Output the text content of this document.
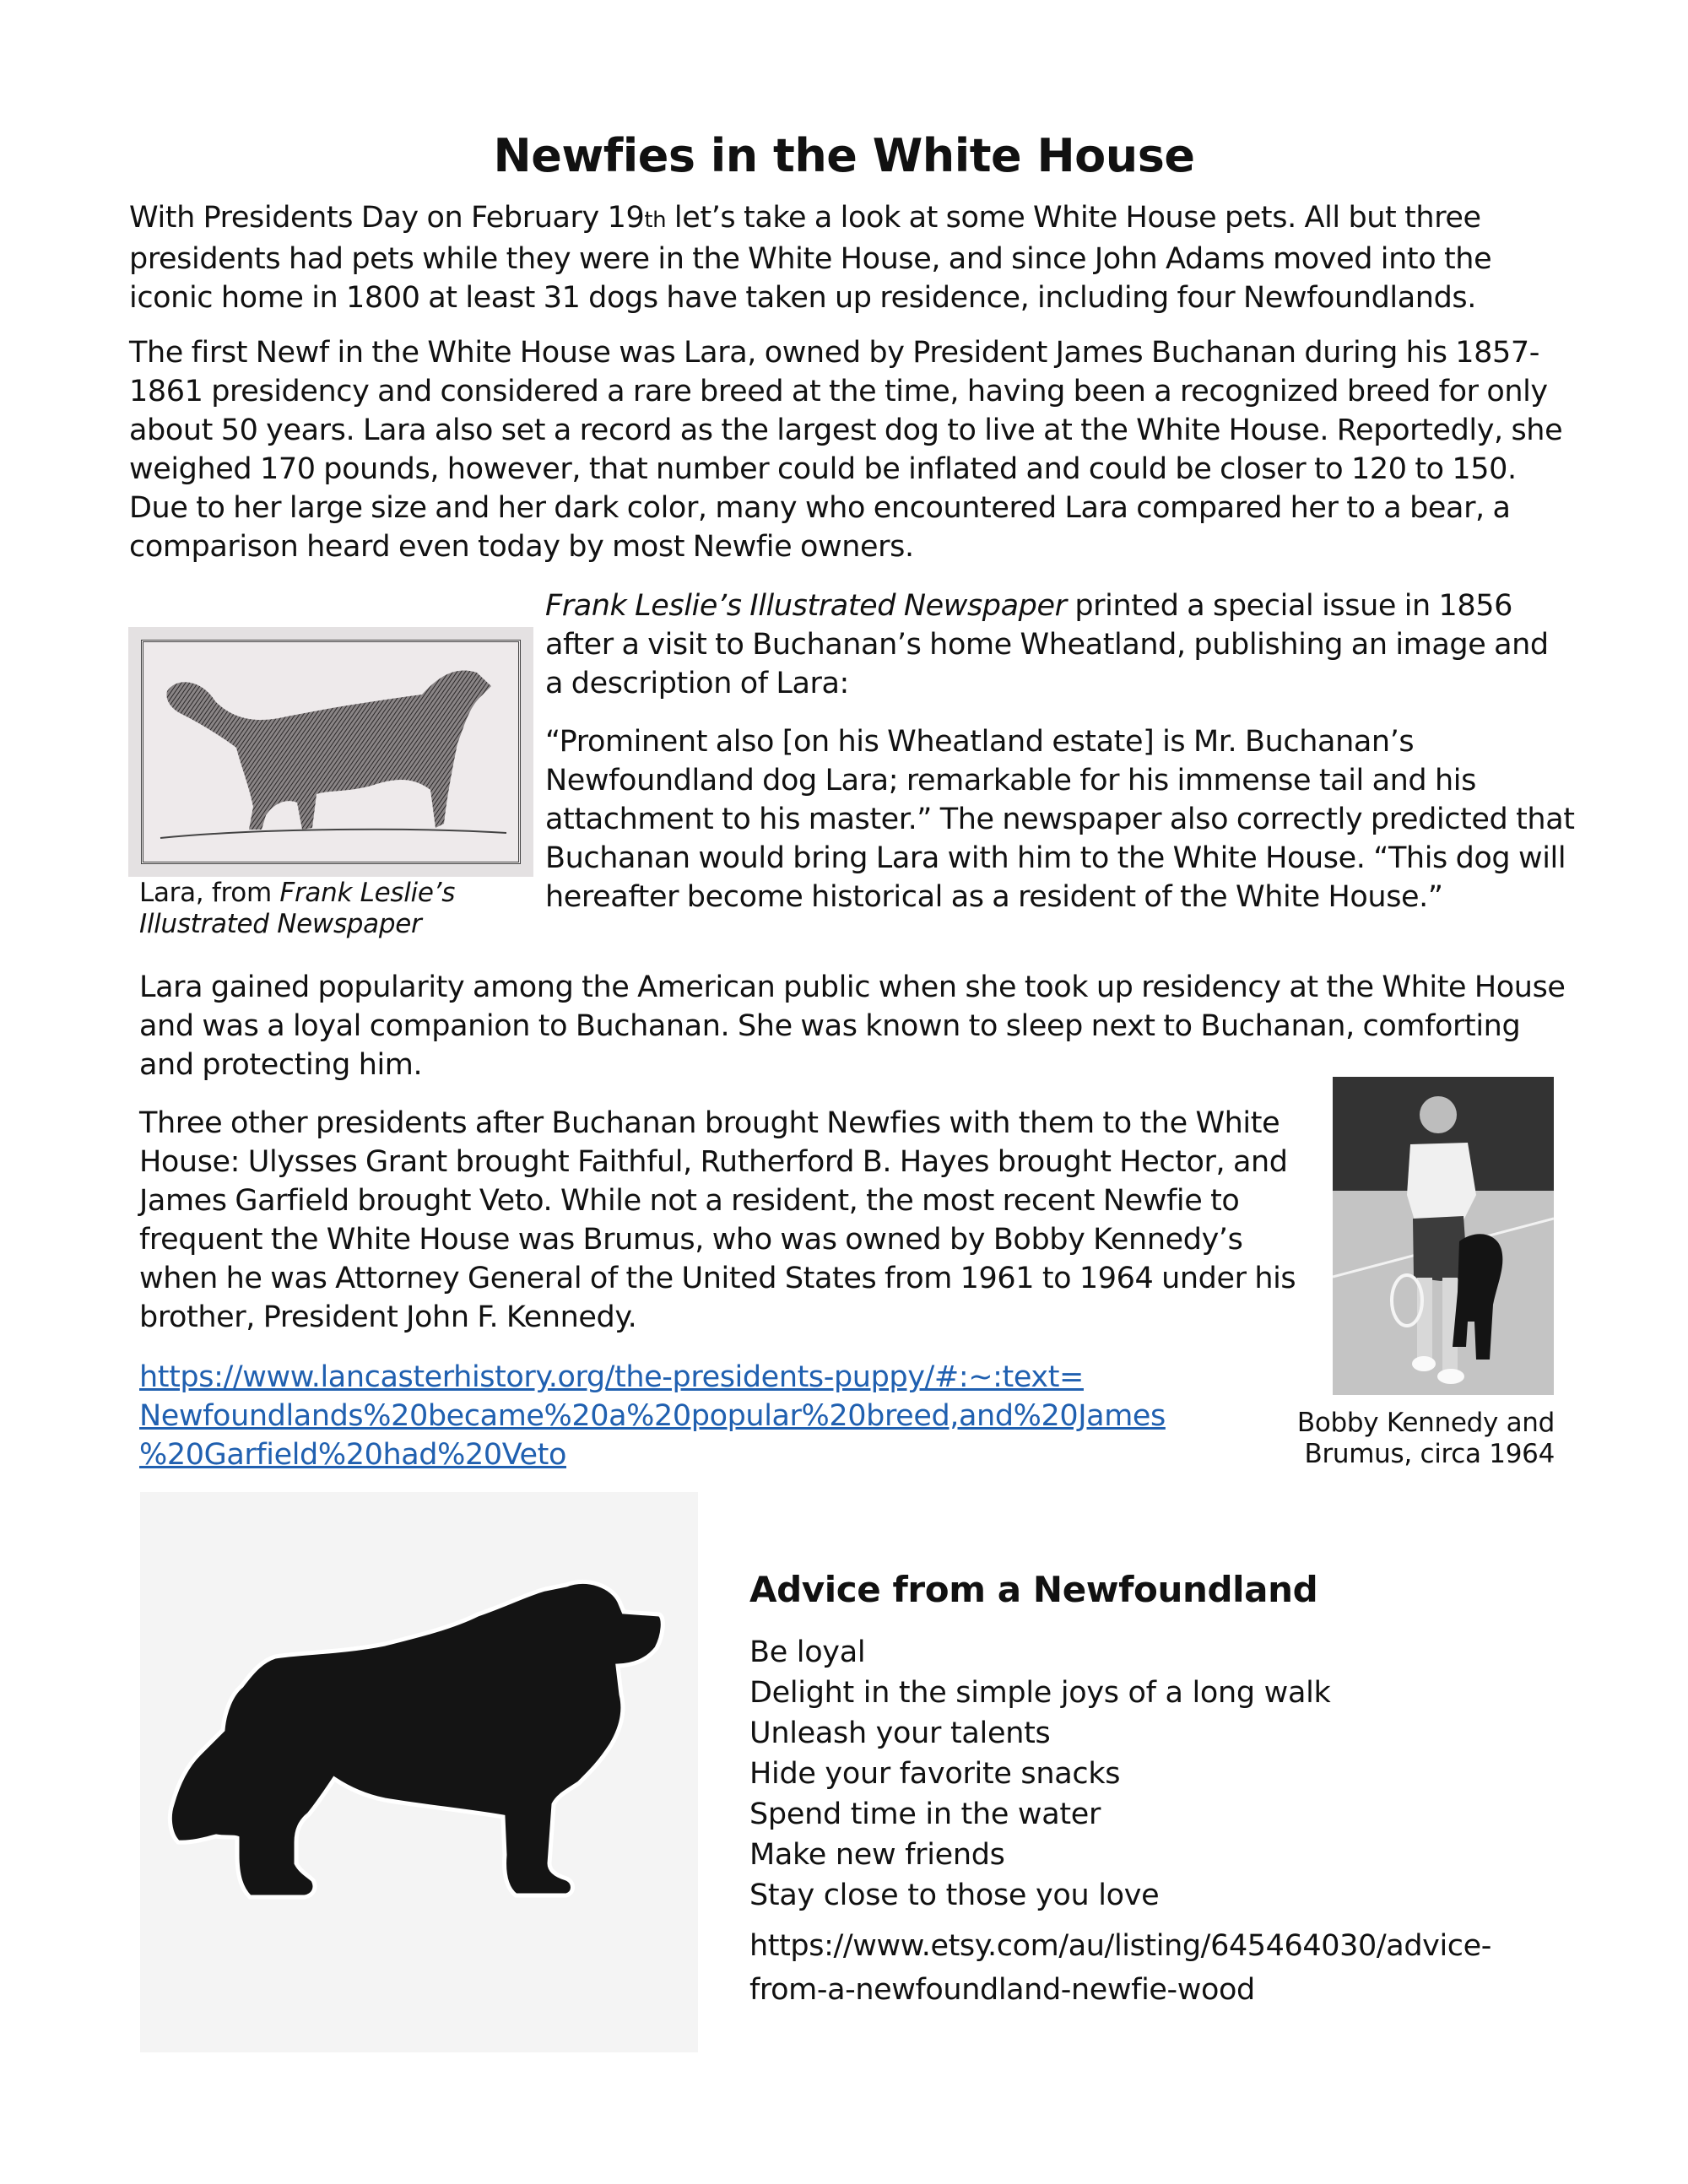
Newfies in the White House

With Presidents Day on February 19th let’s take a look at some White House pets. All but three presidents had pets while they were in the White House, and since John Adams moved into the iconic home in 1800 at least 31 dogs have taken up residence, including four Newfoundlands.

The first Newf in the White House was Lara, owned by President James Buchanan during his 1857-1861 presidency and considered a rare breed at the time, having been a recognized breed for only about 50 years. Lara also set a record as the largest dog to live at the White House. Reportedly, she weighed 170 pounds, however, that number could be inflated and could be closer to 120 to 150. Due to her large size and her dark color, many who encountered Lara compared her to a bear, a comparison heard even today by most Newfie owners.

Lara, from Frank Leslie’s Illustrated Newspaper

Frank Leslie’s Illustrated Newspaper printed a special issue in 1856 after a visit to Buchanan’s home Wheatland, publishing an image and a description of Lara:

“Prominent also [on his Wheatland estate] is Mr. Buchanan’s Newfoundland dog Lara; remarkable for his immense tail and his attachment to his master.” The newspaper also correctly predicted that Buchanan would bring Lara with him to the White House. “This dog will hereafter become historical as a resident of the White House.”

Lara gained popularity among the American public when she took up residency at the White House and was a loyal companion to Buchanan. She was known to sleep next to Buchanan, comforting and protecting him.

Three other presidents after Buchanan brought Newfies with them to the White House: Ulysses Grant brought Faithful, Rutherford B. Hayes brought Hector, and James Garfield brought Veto. While not a resident, the most recent Newfie to frequent the White House was Brumus, who was owned by Bobby Kennedy’s when he was Attorney General of the United States from 1961 to 1964 under his brother, President John F. Kennedy.

https://www.lancasterhistory.org/the-presidents-puppy/#:~:text=
Newfoundlands%20became%20a%20popular%20breed,and%20James
%20Garfield%20had%20Veto
Bobby Kennedy and
Brumus, circa 1964
Advice from a Newfoundland
Be loyal
Delight in the simple joys of a long walk
Unleash your talents
Hide your favorite snacks
Spend time in the water
Make new friends
Stay close to those you love
https://www.etsy.com/au/listing/645464030/advice-
from-a-newfoundland-newfie-wood
